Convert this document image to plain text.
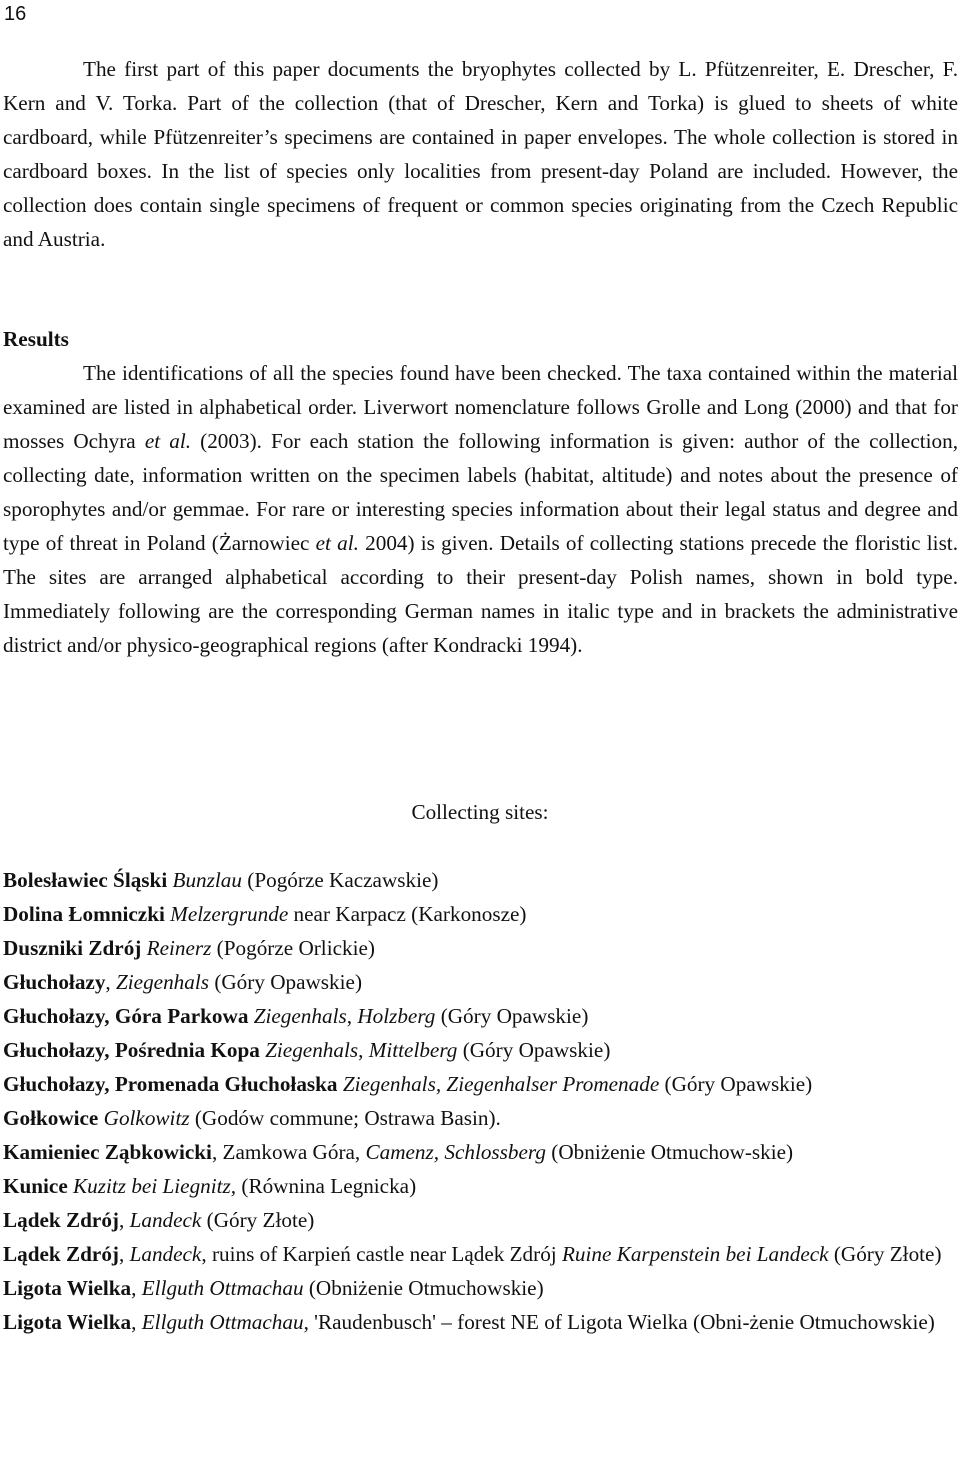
16

The first part of this paper documents the bryophytes collected by L. Pfützenreiter, E. Drescher, F. Kern and V. Torka. Part of the collection (that of Drescher, Kern and Torka) is glued to sheets of white cardboard, while Pfützenreiter’s specimens are contained in paper envelopes. The whole collection is stored in cardboard boxes. In the list of species only localities from present-day Poland are included. However, the collection does contain single specimens of frequent or common species originating from the Czech Republic and Austria.

Results

The identifications of all the species found have been checked. The taxa contained within the material examined are listed in alphabetical order. Liverwort nomenclature follows Grolle and Long (2000) and that for mosses Ochyra et al. (2003). For each station the following information is given: author of the collection, collecting date, information written on the specimen labels (habitat, altitude) and notes about the presence of sporophytes and/or gemmae. For rare or interesting species information about their legal status and degree and type of threat in Poland (Żarnowiec et al. 2004) is given. Details of collecting stations precede the floristic list. The sites are arranged alphabetical according to their present-day Polish names, shown in bold type. Immediately following are the corresponding German names in italic type and in brackets the administrative district and/or physico-geographical regions (after Kondracki 1994).

Collecting sites:
Bolesławiec Śląski Bunzlau (Pogórze Kaczawskie)
Dolina Łomniczki Melzergrunde near Karpacz (Karkonosze)
Duszniki Zdrój Reinerz (Pogórze Orlickie)
Głuchołazy, Ziegenhals (Góry Opawskie)
Głuchołazy, Góra Parkowa Ziegenhals, Holzberg (Góry Opawskie)
Głuchołazy, Pośrednia Kopa Ziegenhals, Mittelberg (Góry Opawskie)
Głuchołazy, Promenada Głuchołaska Ziegenhals, Ziegenhalser Promenade (Góry Opawskie)
Gołkowice Golkowitz (Godów commune; Ostrawa Basin).
Kamieniec Ząbkowicki, Zamkowa Góra, Camenz, Schlossberg (Obniżenie Otmuchow-skie)
Kunice Kuzitz bei Liegnitz, (Równina Legnicka)
Lądek Zdrój, Landeck (Góry Złote)
Lądek Zdrój, Landeck, ruins of Karpień castle near Lądek Zdrój Ruine Karpenstein bei Landeck (Góry Złote)
Ligota Wielka, Ellguth Ottmachau (Obniżenie Otmuchowskie)
Ligota Wielka, Ellguth Ottmachau, 'Raudenbusch' – forest NE of Ligota Wielka (Obni-żenie Otmuchowskie)
